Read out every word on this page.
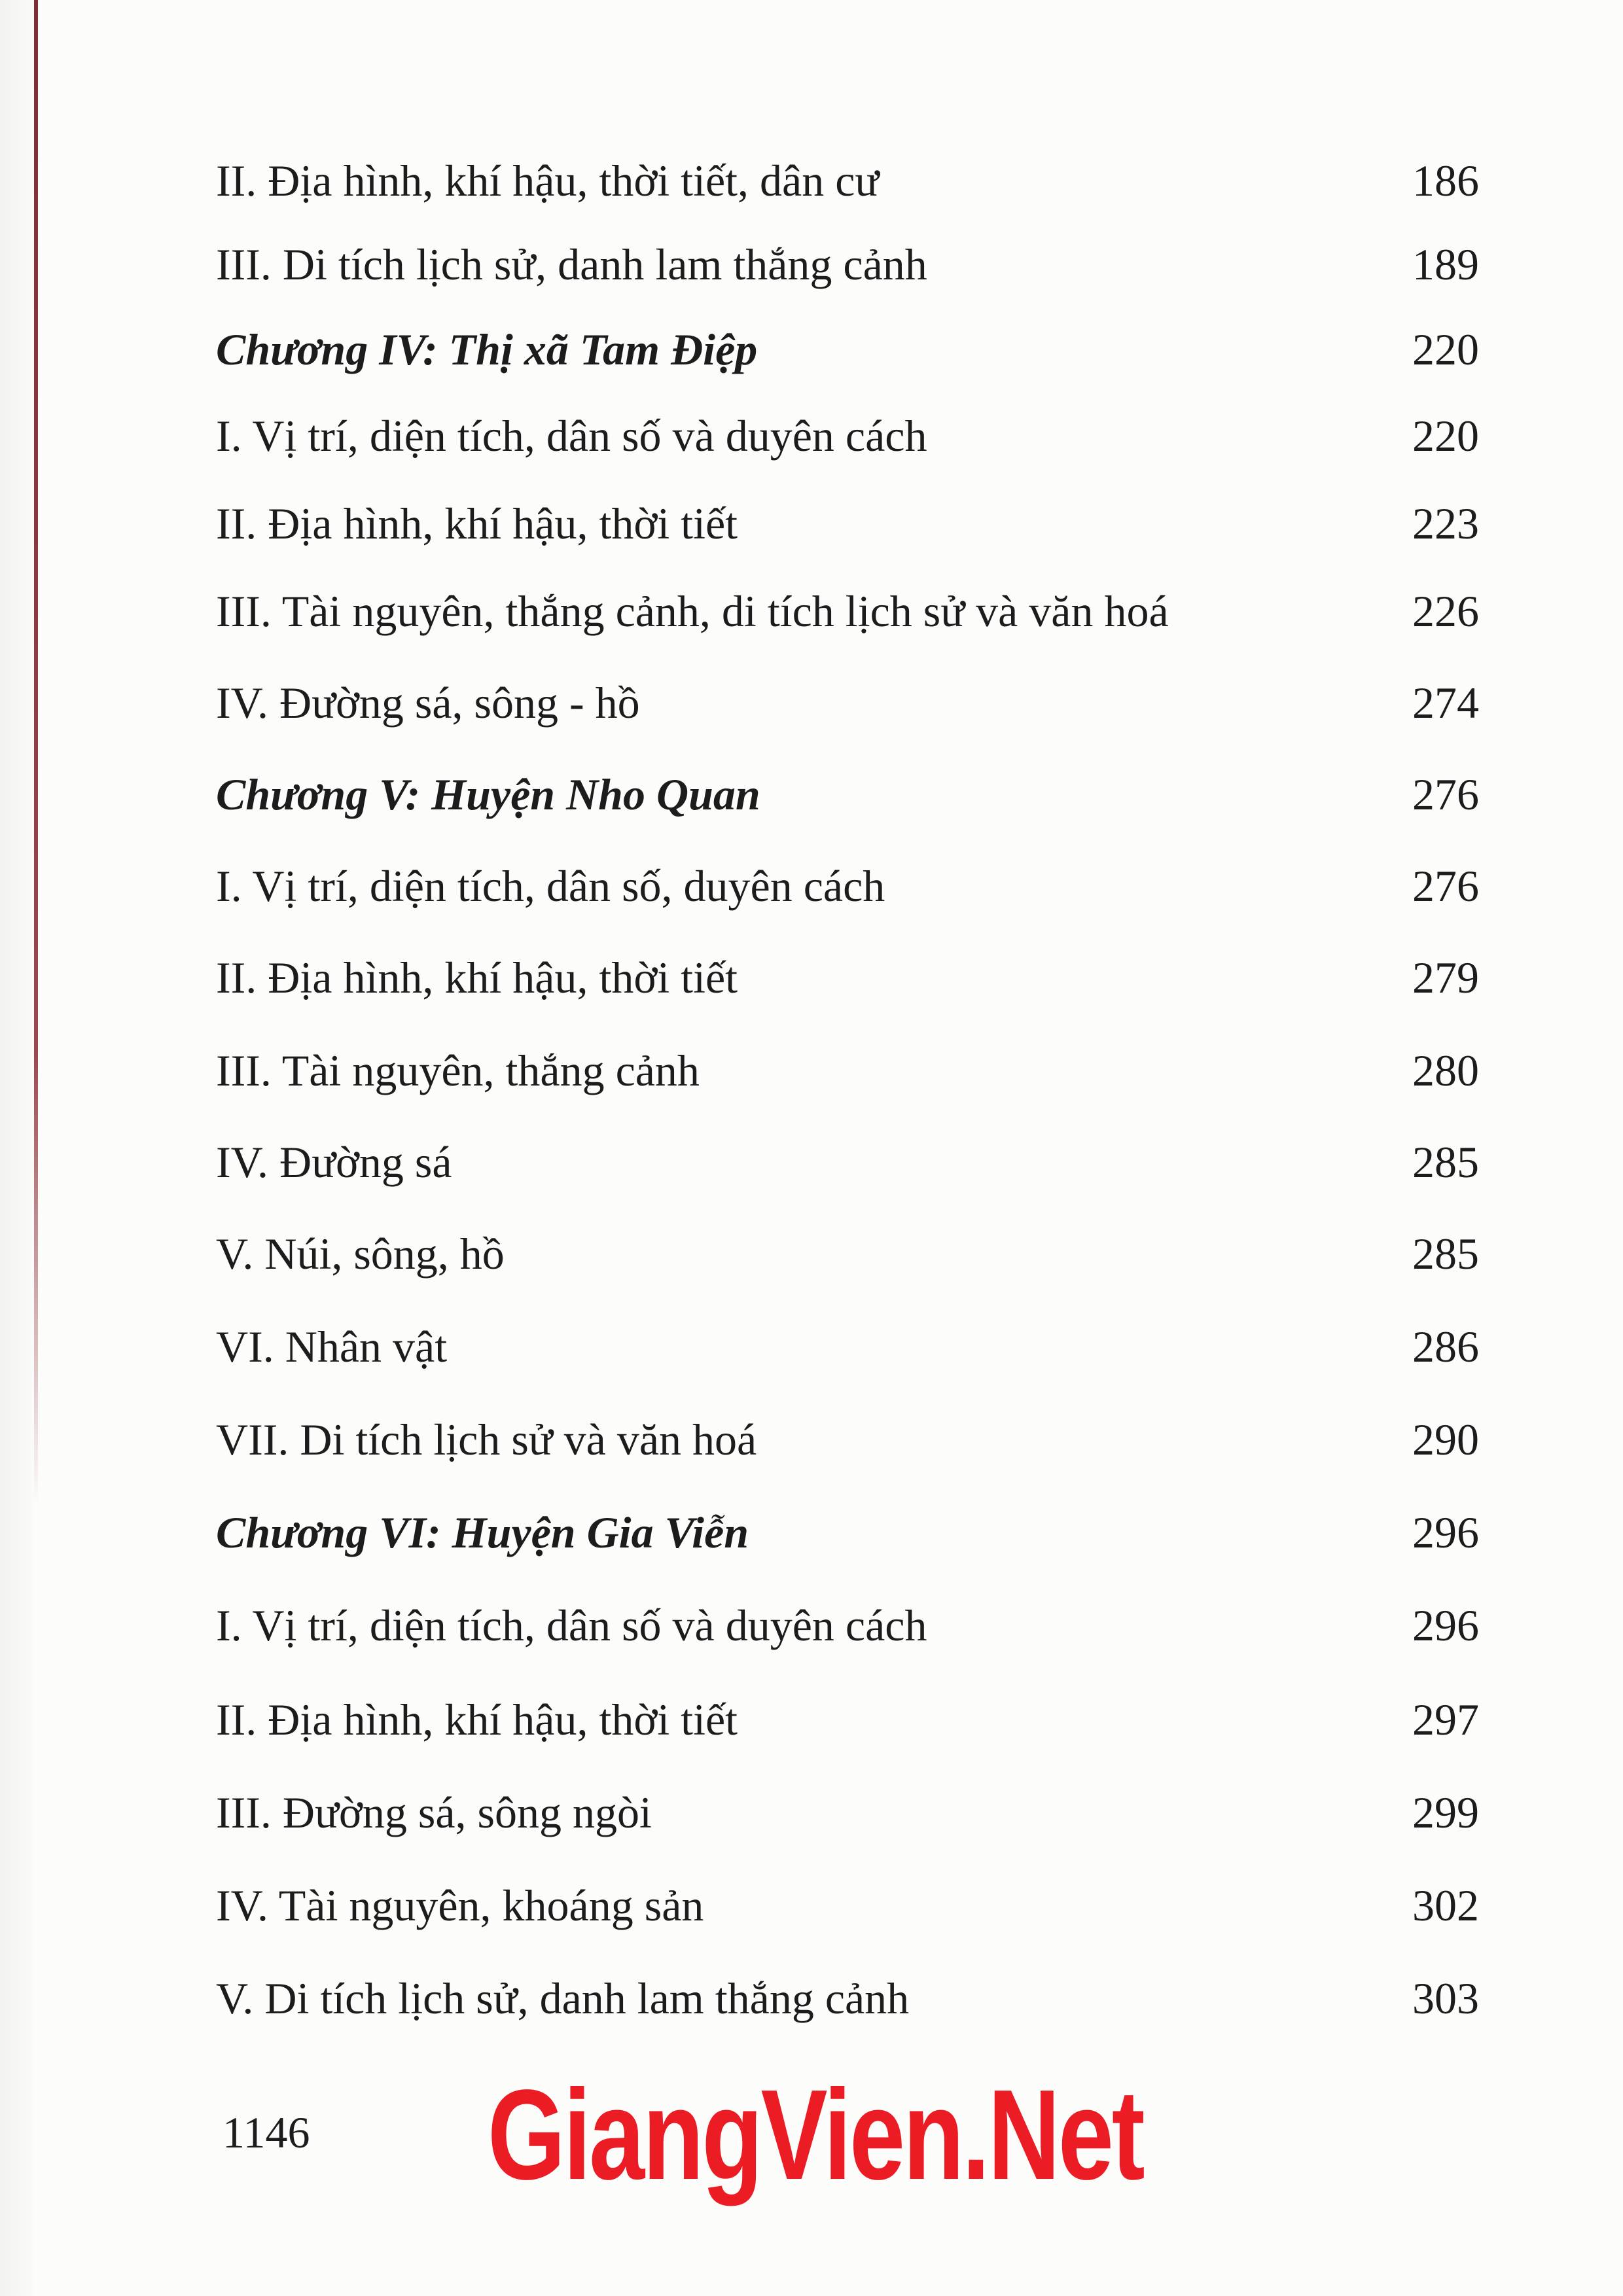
II. Địa hình, khí hậu, thời tiết, dân cư	186
III. Di tích lịch sử, danh lam thắng cảnh	189
Chương IV: Thị xã Tam Điệp	220
I. Vị trí, diện tích, dân số và duyên cách	220
II. Địa hình, khí hậu, thời tiết	223
III. Tài nguyên, thắng cảnh, di tích lịch sử và văn hoá	226
IV. Đường sá, sông - hồ	274
Chương V: Huyện Nho Quan	276
I. Vị trí, diện tích, dân số, duyên cách	276
II. Địa hình, khí hậu, thời tiết	279
III. Tài nguyên, thắng cảnh	280
IV. Đường sá	285
V. Núi, sông, hồ	285
VI. Nhân vật	286
VII. Di tích lịch sử và văn hoá	290
Chương VI: Huyện Gia Viễn	296
I. Vị trí, diện tích, dân số và duyên cách	296
II. Địa hình, khí hậu, thời tiết	297
III. Đường sá, sông ngòi	299
IV. Tài nguyên, khoáng sản	302
V. Di tích lịch sử, danh lam thắng cảnh	303
1146 GiangVien.Net
